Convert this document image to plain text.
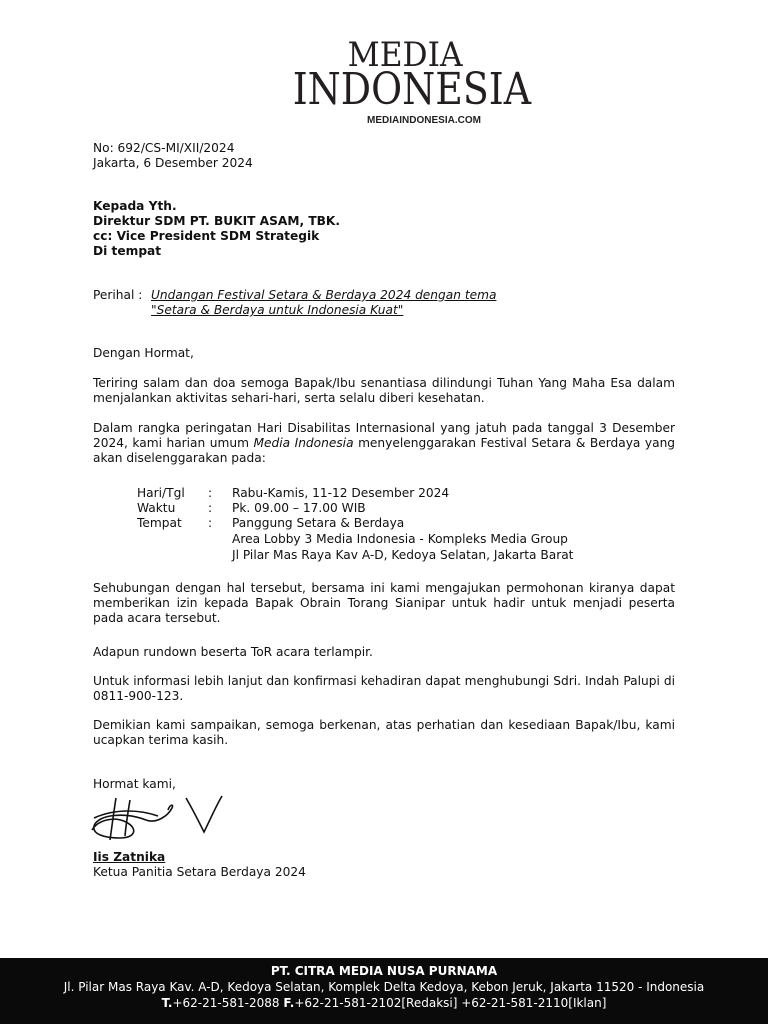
MEDIA
INDONESIA
MEDIAINDONESIA.COM
No: 692/CS-MI/XII/2024
Jakarta, 6 Desember 2024
Kepada Yth.
Direktur SDM PT. BUKIT ASAM, TBK.
cc: Vice President SDM Strategik
Di tempat
Perihal : Undangan Festival Setara & Berdaya 2024 dengan tema
"Setara & Berdaya untuk Indonesia Kuat"
Dengan Hormat,
Teriring salam dan doa semoga Bapak/Ibu senantiasa dilindungi Tuhan Yang Maha Esa dalam menjalankan aktivitas sehari-hari, serta selalu diberi kesehatan.
Dalam rangka peringatan Hari Disabilitas Internasional yang jatuh pada tanggal 3 Desember 2024, kami harian umum Media Indonesia menyelenggarakan Festival Setara & Berdaya yang akan diselenggarakan pada:
Hari/Tgl : Rabu-Kamis, 11-12 Desember 2024
Waktu	: Pk. 09.00 – 17.00 WIB
Tempat : Panggung Setara & Berdaya
Area Lobby 3 Media Indonesia - Kompleks Media Group
Jl Pilar Mas Raya Kav A-D, Kedoya Selatan, Jakarta Barat
Sehubungan dengan hal tersebut, bersama ini kami mengajukan permohonan kiranya dapat memberikan izin kepada Bapak Obrain Torang Sianipar untuk hadir untuk menjadi peserta pada acara tersebut.
Adapun rundown beserta ToR acara terlampir.
Untuk informasi lebih lanjut dan konfirmasi kehadiran dapat menghubungi Sdri. Indah Palupi di 0811-900-123.
Demikian kami sampaikan, semoga berkenan, atas perhatian dan kesediaan Bapak/Ibu, kami ucapkan terima kasih.
Hormat kami,
Iis Zatnika
Ketua Panitia Setara Berdaya 2024
PT. CITRA MEDIA NUSA PURNAMA
Jl. Pilar Mas Raya Kav. A-D, Kedoya Selatan, Komplek Delta Kedoya, Kebon Jeruk, Jakarta 11520 - Indonesia
T.+62-21-581-2088 F.+62-21-581-2102[Redaksi] +62-21-581-2110[Iklan]
